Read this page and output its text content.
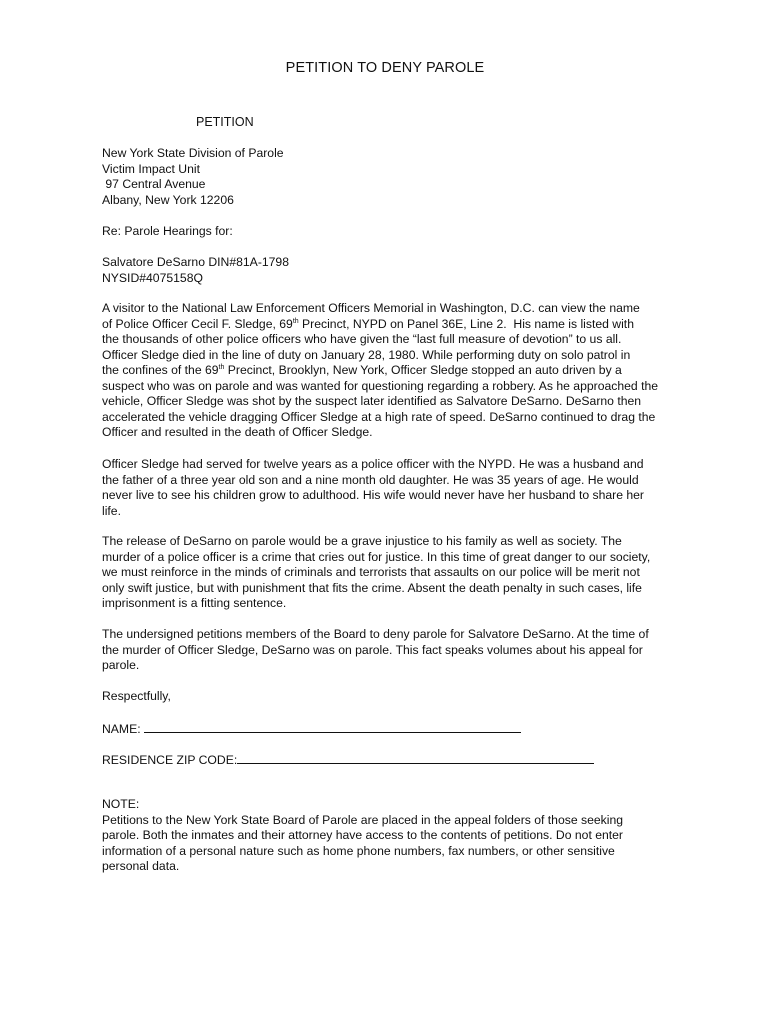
PETITION TO DENY PAROLE
PETITION
New York State Division of Parole
Victim Impact Unit
97 Central Avenue
Albany, New York 12206
Re: Parole Hearings for:
Salvatore DeSarno DIN#81A-1798
NYSID#4075158Q
A visitor to the National Law Enforcement Officers Memorial in Washington, D.C. can view the name
of Police Officer Cecil F. Sledge, 69th Precinct, NYPD on Panel 36E, Line 2.  His name is listed with
the thousands of other police officers who have given the “last full measure of devotion” to us all.
Officer Sledge died in the line of duty on January 28, 1980. While performing duty on solo patrol in
the confines of the 69th Precinct, Brooklyn, New York, Officer Sledge stopped an auto driven by a
suspect who was on parole and was wanted for questioning regarding a robbery. As he approached the
vehicle, Officer Sledge was shot by the suspect later identified as Salvatore DeSarno. DeSarno then
accelerated the vehicle dragging Officer Sledge at a high rate of speed. DeSarno continued to drag the
Officer and resulted in the death of Officer Sledge.
Officer Sledge had served for twelve years as a police officer with the NYPD. He was a husband and
the father of a three year old son and a nine month old daughter. He was 35 years of age. He would
never live to see his children grow to adulthood. His wife would never have her husband to share her
life.
The release of DeSarno on parole would be a grave injustice to his family as well as society. The
murder of a police officer is a crime that cries out for justice. In this time of great danger to our society,
we must reinforce in the minds of criminals and terrorists that assaults on our police will be merit not
only swift justice, but with punishment that fits the crime. Absent the death penalty in such cases, life
imprisonment is a fitting sentence.
The undersigned petitions members of the Board to deny parole for Salvatore DeSarno. At the time of
the murder of Officer Sledge, DeSarno was on parole. This fact speaks volumes about his appeal for
parole.
Respectfully,
NAME:
RESIDENCE ZIP CODE:
NOTE:
Petitions to the New York State Board of Parole are placed in the appeal folders of those seeking
parole. Both the inmates and their attorney have access to the contents of petitions. Do not enter
information of a personal nature such as home phone numbers, fax numbers, or other sensitive
personal data.
